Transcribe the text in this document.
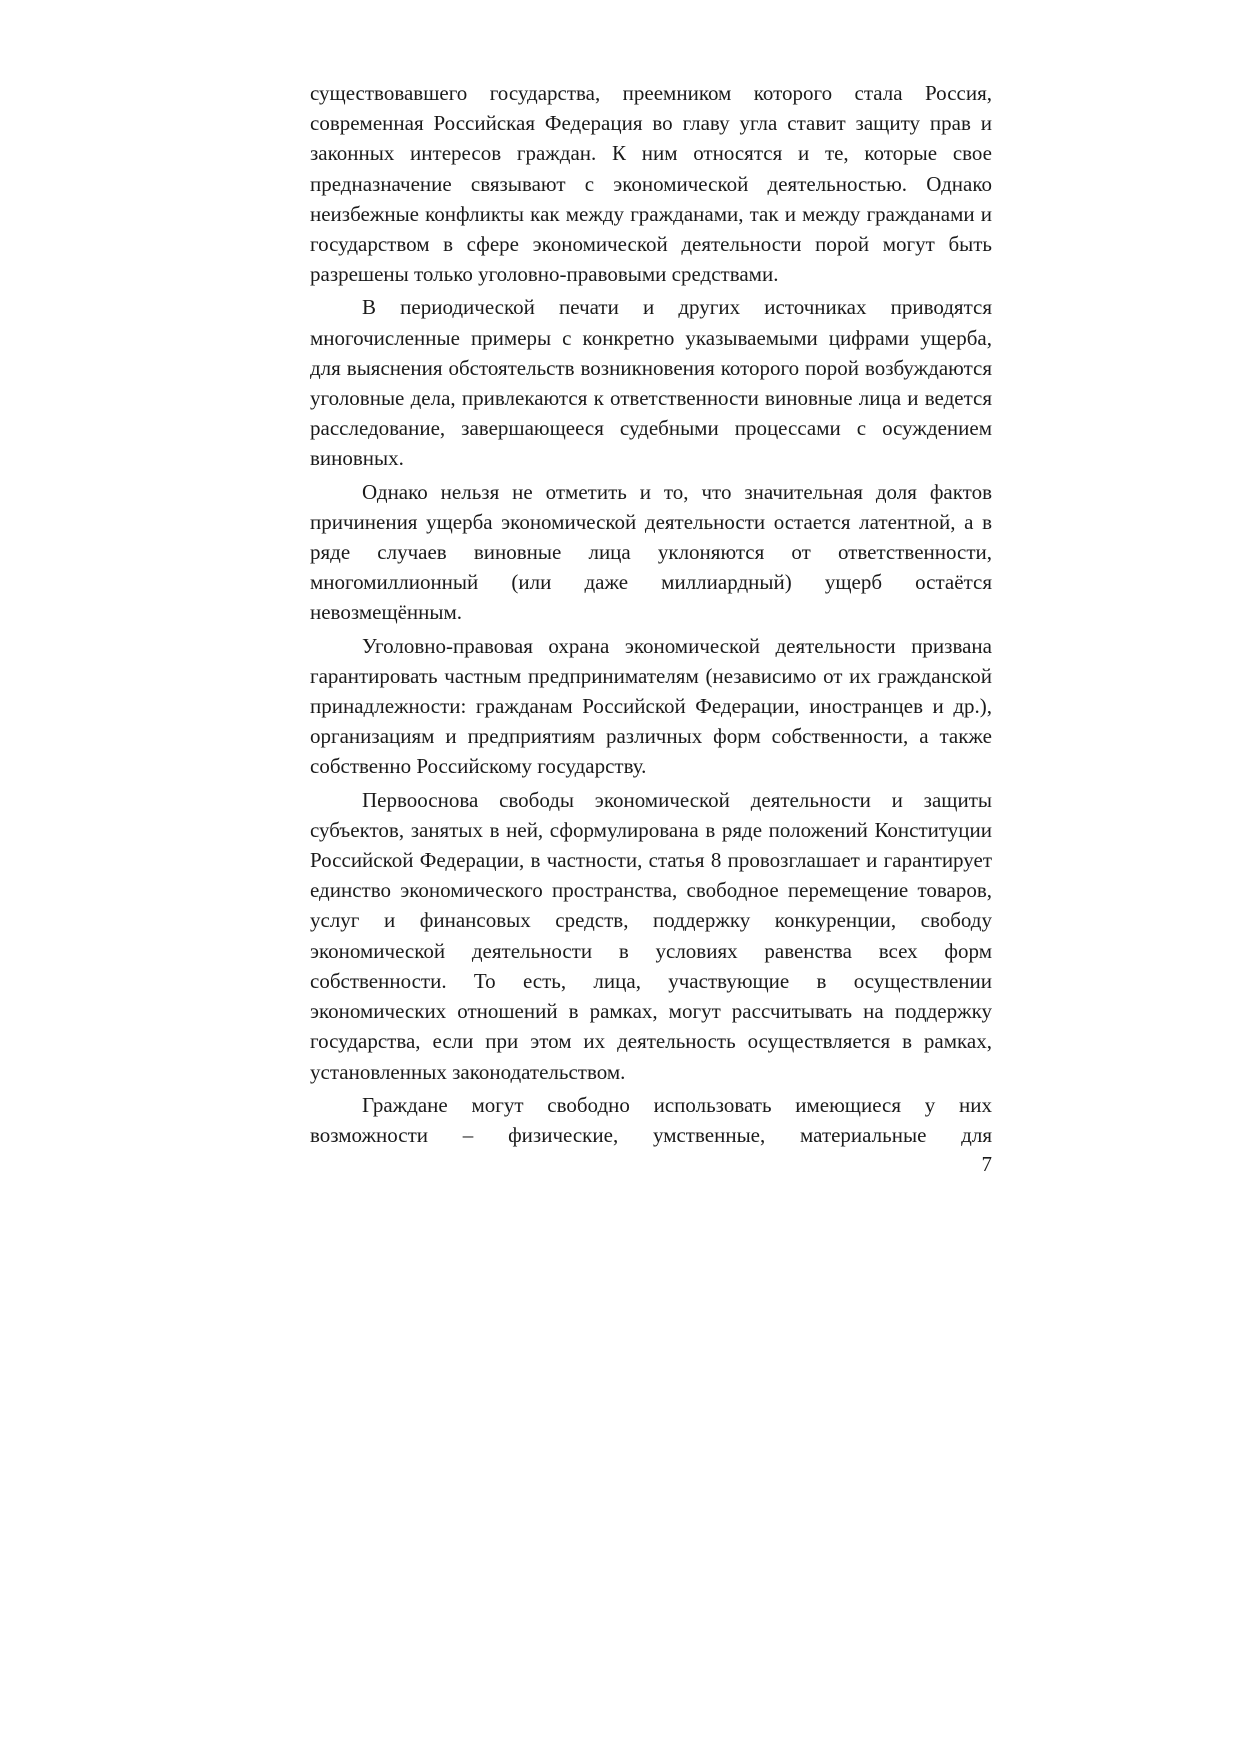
существовавшего государства, преемником которого стала Россия, современная Российская Федерация во главу угла ставит защиту прав и законных интересов граждан. К ним относятся и те, которые свое предназначение связывают с экономической деятельностью. Однако неизбежные конфликты как между гражданами, так и между гражданами и государством в сфере экономической деятельности порой могут быть разрешены только уголовно-правовыми средствами.

В периодической печати и других источниках приводятся многочисленные примеры с конкретно указываемыми цифрами ущерба, для выяснения обстоятельств возникновения которого порой возбуждаются уголовные дела, привлекаются к ответственности виновные лица и ведется расследование, завершающееся судебными процессами с осуждением виновных.

Однако нельзя не отметить и то, что значительная доля фактов причинения ущерба экономической деятельности остается латентной, а в ряде случаев виновные лица уклоняются от ответственности, многомиллионный (или даже миллиардный) ущерб остаётся невозмещённым.

Уголовно-правовая охрана экономической деятельности призвана гарантировать частным предпринимателям (независимо от их гражданской принадлежности: гражданам Российской Федерации, иностранцев и др.), организациям и предприятиям различных форм собственности, а также собственно Российскому государству.

Первооснова свободы экономической деятельности и защиты субъектов, занятых в ней, сформулирована в ряде положений Конституции Российской Федерации, в частности, статья 8 провозглашает и гарантирует единство экономического пространства, свободное перемещение товаров, услуг и финансовых средств, поддержку конкуренции, свободу экономической деятельности в условиях равенства всех форм собственности. То есть, лица, участвующие в осуществлении экономических отношений в рамках, могут рассчитывать на поддержку государства, если при этом их деятельность осуществляется в рамках, установленных законодательством.

Граждане могут свободно использовать имеющиеся у них возможности – физические, умственные, материальные для

7
